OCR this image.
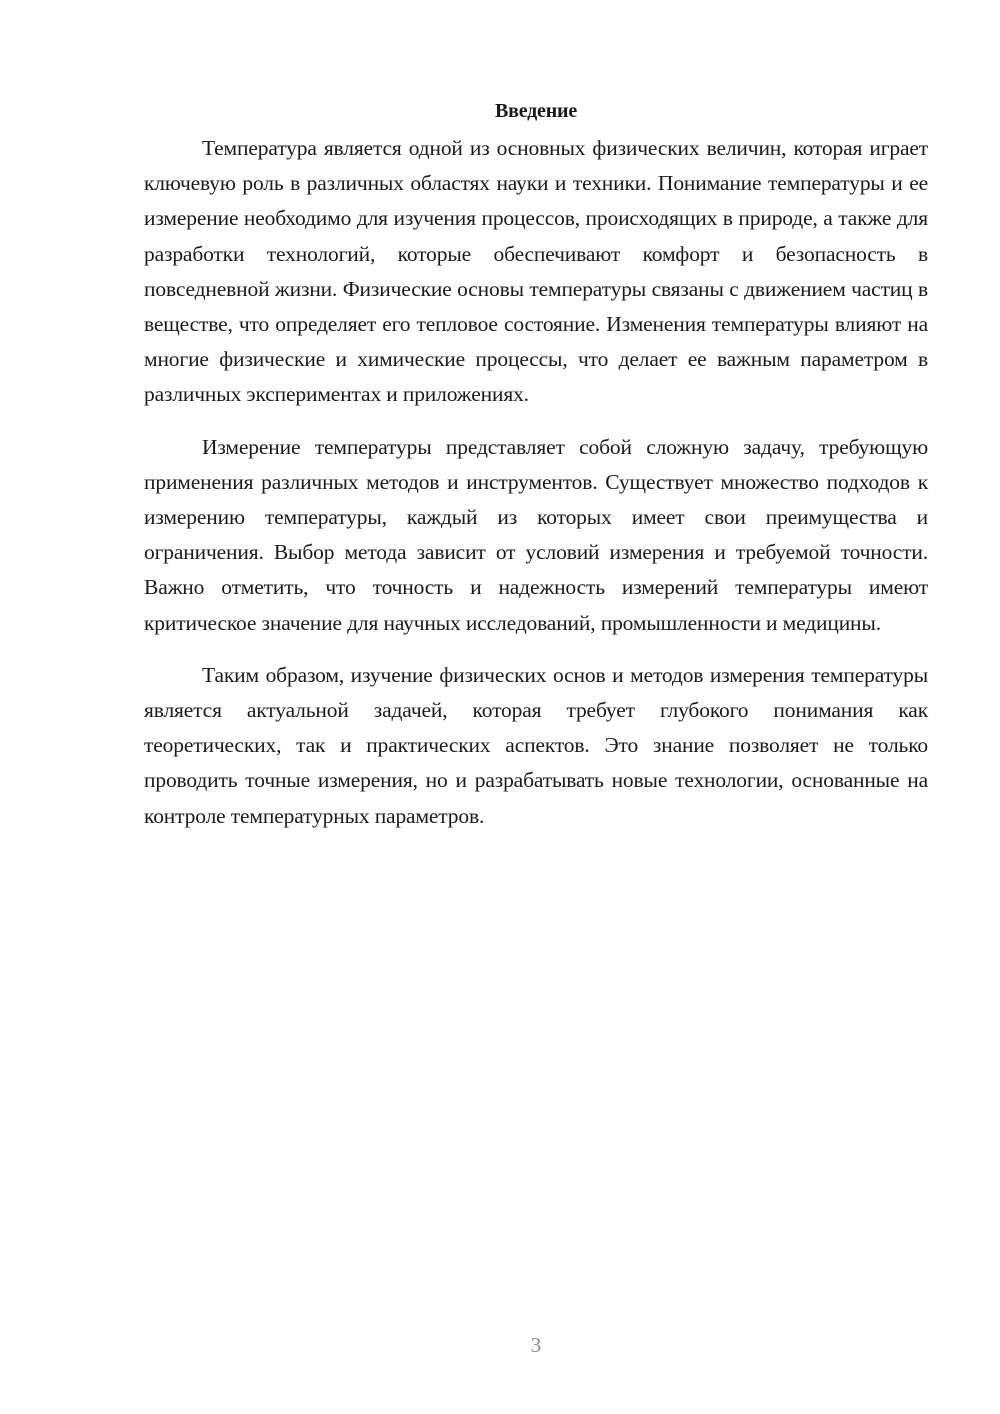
Введение

Температура является одной из основных физических величин, которая играет ключевую роль в различных областях науки и техники. Понимание температуры и ее измерение необходимо для изучения процессов, происходящих в природе, а также для разработки технологий, которые обеспечивают комфорт и безопасность в повседневной жизни. Физические основы температуры связаны с движением частиц в веществе, что определяет его тепловое состояние. Изменения температуры влияют на многие физические и химические процессы, что делает ее важным параметром в различных экспериментах и приложениях.

Измерение температуры представляет собой сложную задачу, требующую применения различных методов и инструментов. Существует множество подходов к измерению температуры, каждый из которых имеет свои преимущества и ограничения. Выбор метода зависит от условий измерения и требуемой точности. Важно отметить, что точность и надежность измерений температуры имеют критическое значение для научных исследований, промышленности и медицины.

Таким образом, изучение физических основ и методов измерения температуры является актуальной задачей, которая требует глубокого понимания как теоретических, так и практических аспектов. Это знание позволяет не только проводить точные измерения, но и разрабатывать новые технологии, основанные на контроле температурных параметров.

3
